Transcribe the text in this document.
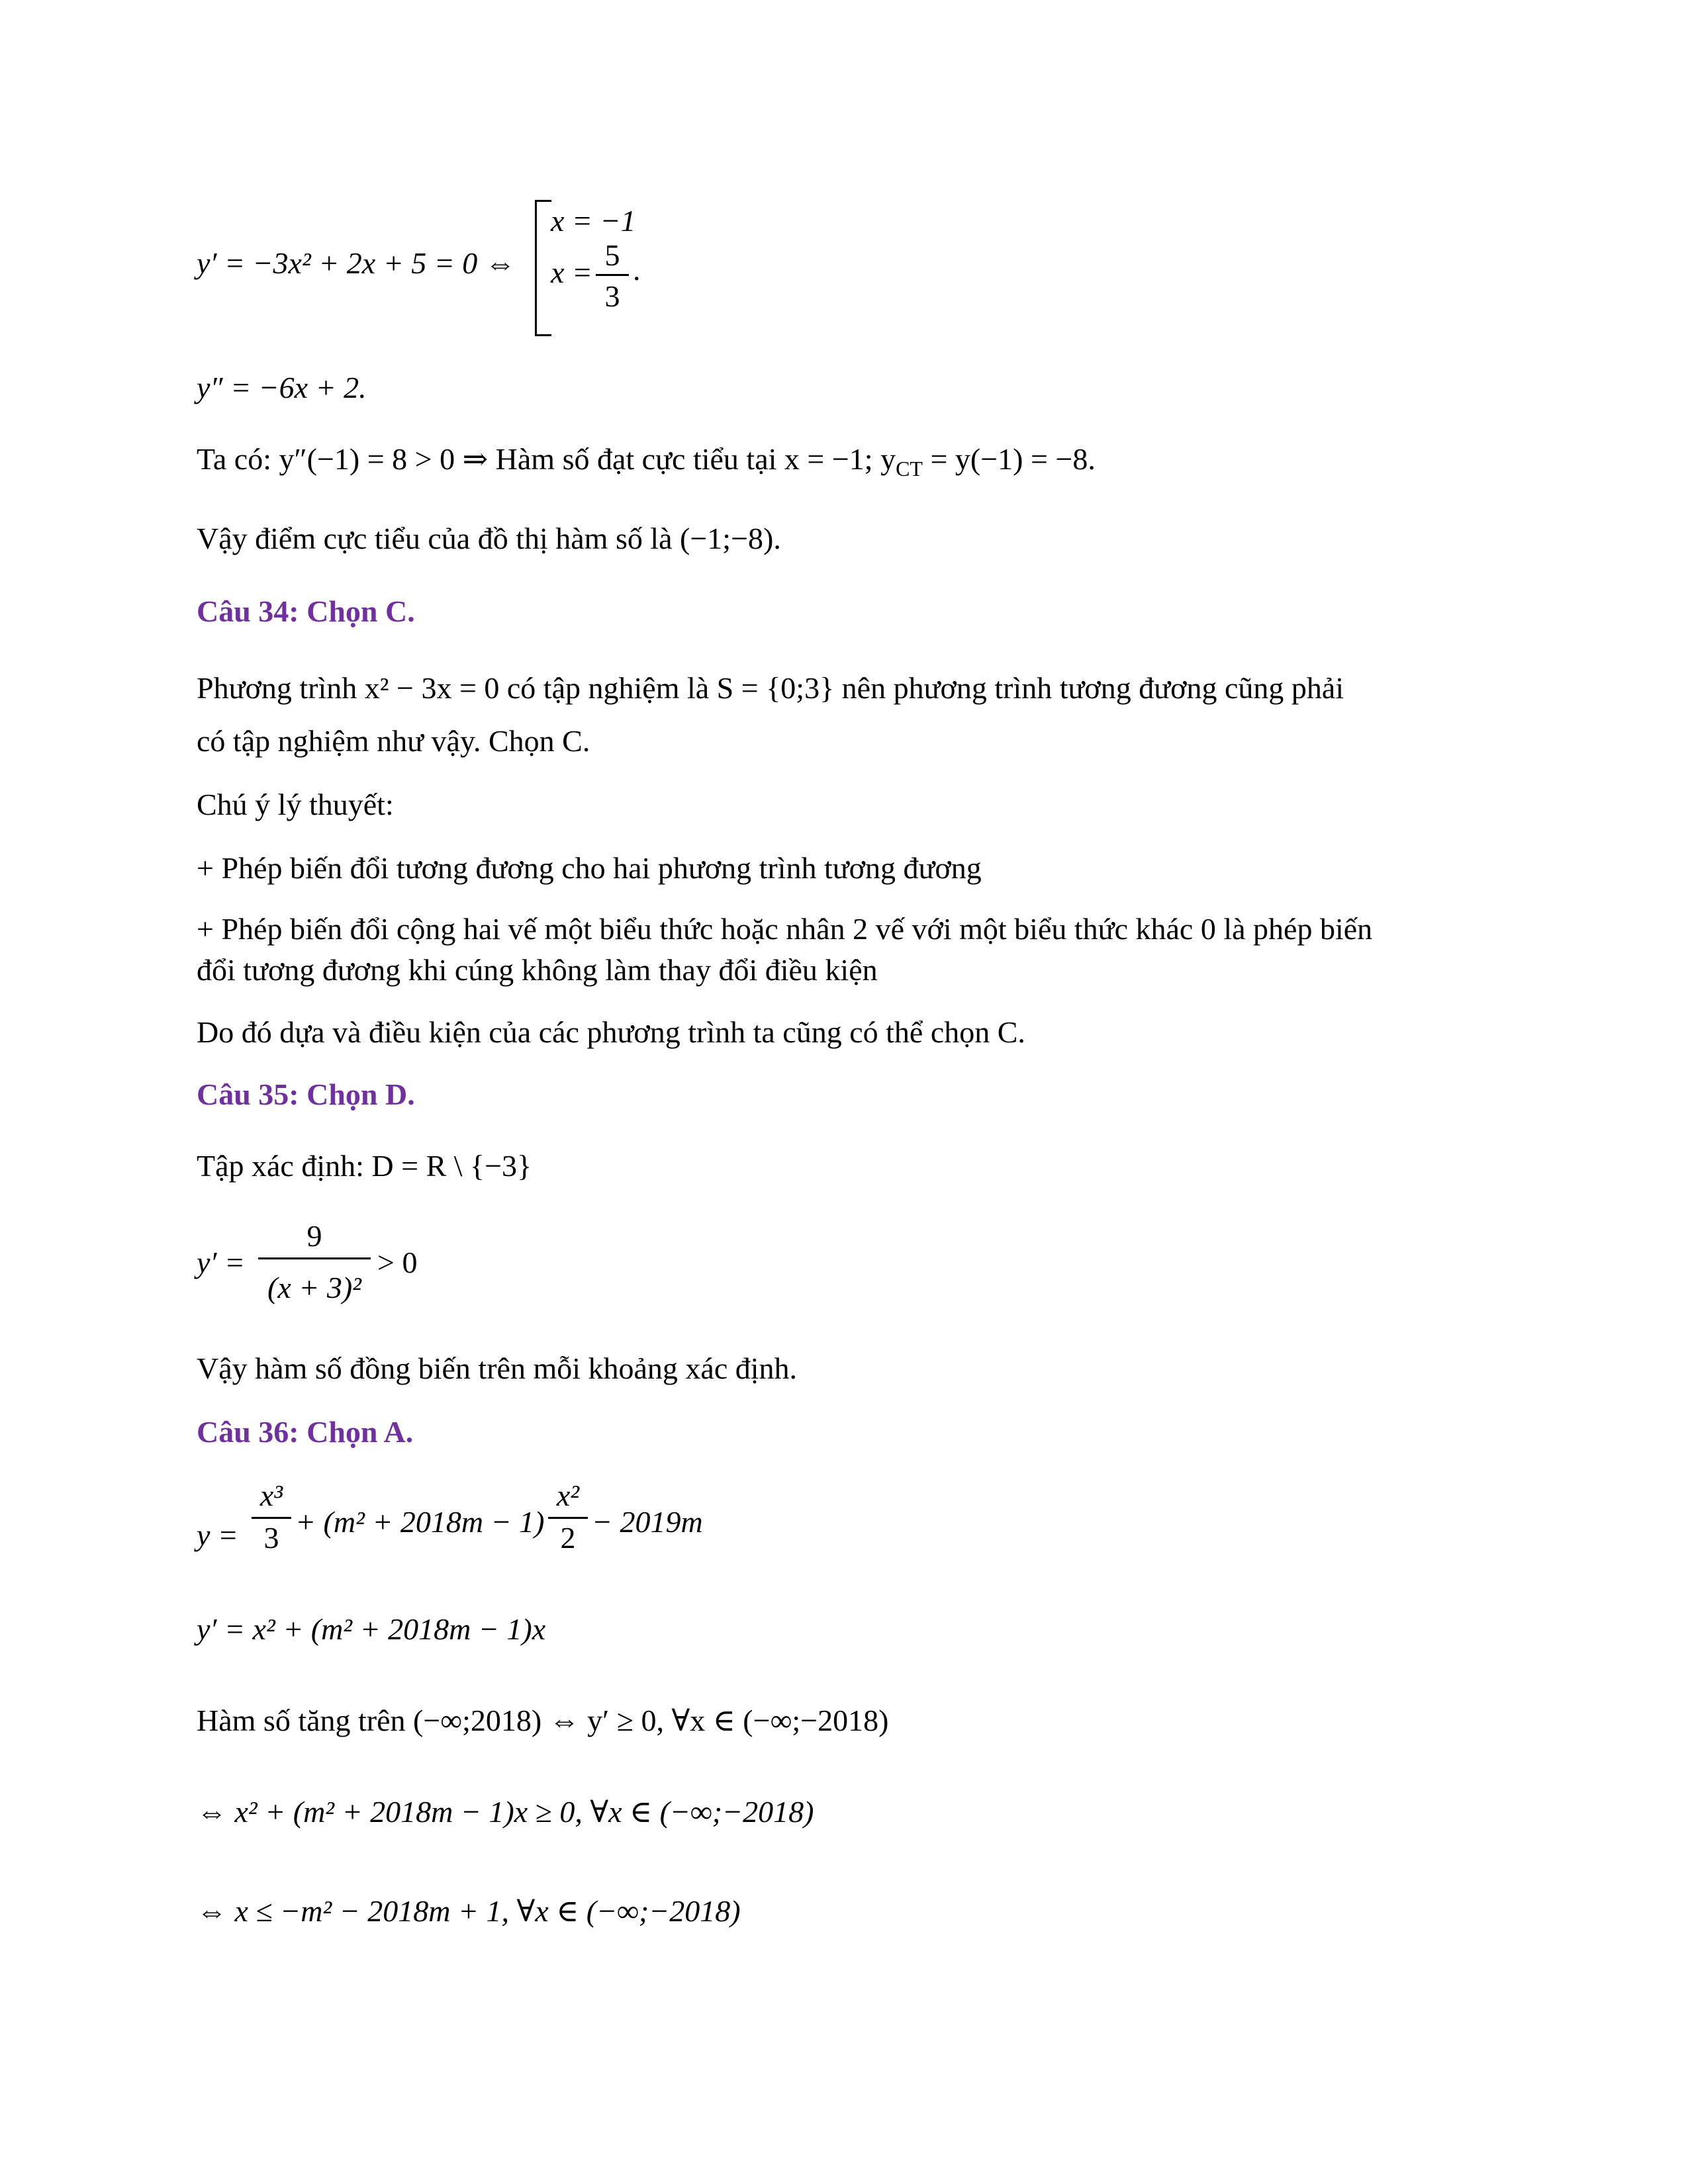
y′ = −3x² + 2x + 5 = 0 ⇔

x = −1

x =

5

3

.

y″ = −6x + 2.

Ta có: y″(−1) = 8 > 0 ⇒ Hàm số đạt cực tiểu tại x = −1; $y_{CT} = y(-1) = -8$.

Vậy điểm cực tiểu của đồ thị hàm số là (−1;−8).

Câu 34: Chọn C.

Phương trình x² − 3x = 0 có tập nghiệm là S = {0;3} nên phương trình tương đương cũng phải

có tập nghiệm như vậy. Chọn C.

Chú ý lý thuyết:

+ Phép biến đổi tương đương cho hai phương trình tương đương

+ Phép biến đổi cộng hai vế một biểu thức hoặc nhân 2 vế với một biểu thức khác 0 là phép biến

đổi tương đương khi cúng không làm thay đổi điều kiện

Do đó dựa và điều kiện của các phương trình ta cũng có thể chọn C.

Câu 35: Chọn D.

Tập xác định: D = R \ {−3}

y′ =

9

(x + 3)²

> 0

Vậy hàm số đồng biến trên mỗi khoảng xác định.

Câu 36: Chọn A.

y =

x³

3 + (m² + 2018m − 1)

x²

2 − 2019m

y′ = x² + (m² + 2018m − 1)x

Hàm số tăng trên (−∞;2018) ⇔ y′ ≥ 0, ∀x ∈ (−∞;−2018)

⇔ x² + (m² + 2018m − 1)x ≥ 0, ∀x ∈ (−∞;−2018)

⇔ x ≤ −m² − 2018m + 1, ∀x ∈ (−∞;−2018)
